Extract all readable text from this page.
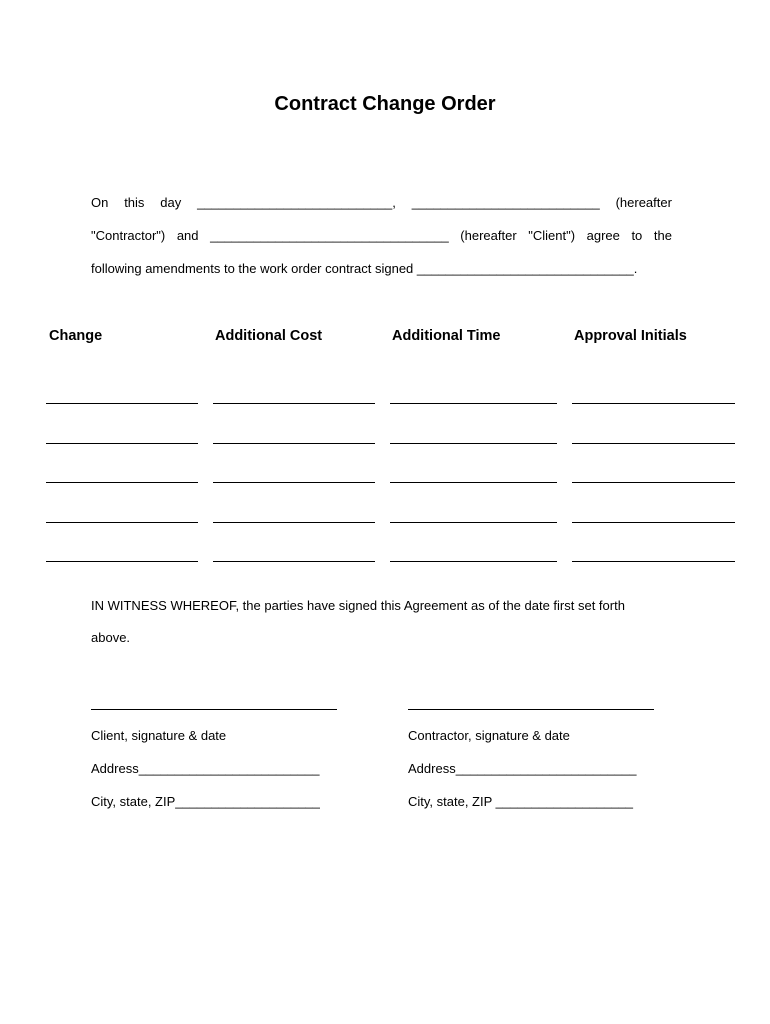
Contract Change Order
On this day ___________________________, __________________________ (hereafter
"Contractor") and _________________________________ (hereafter "Client") agree to the
following amendments to the work order contract signed ______________________________.
Change	Additional Cost	Additional Time	Approval Initials
IN WITNESS WHEREOF, the parties have signed this Agreement as of the date first set forth
above.
Client, signature & date	Contractor, signature & date
Address_________________________	Address_________________________
City, state, ZIP____________________	City, state, ZIP ___________________
